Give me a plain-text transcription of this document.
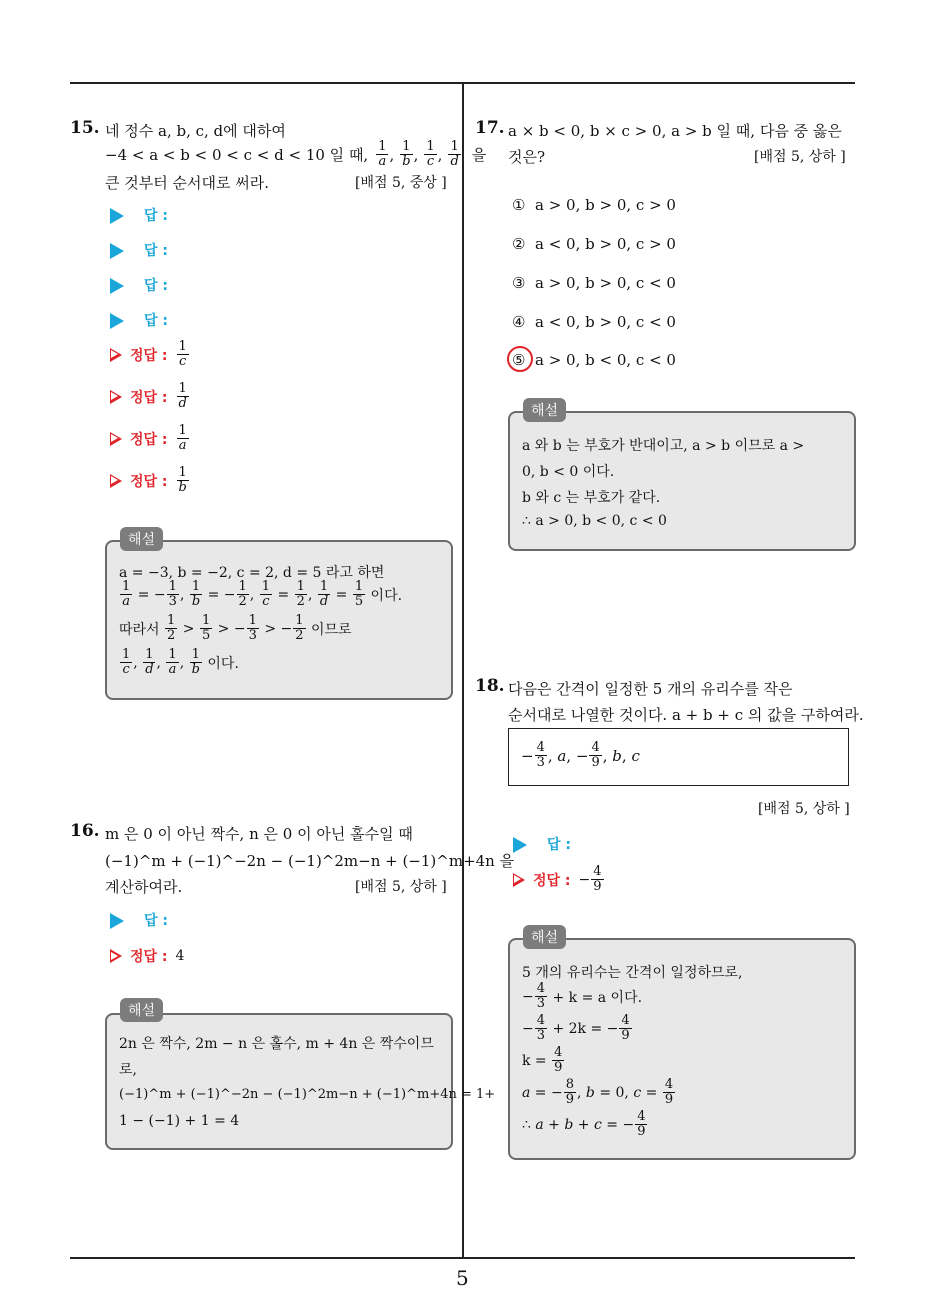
15. 네 정수 a, b, c, d에 대하여
−4 < a < b < 0 < c < d < 10 일 때, $\frac{1}{a}$ , $\frac{1}{b}$ , $\frac{1}{c}$ , $\frac{1}{d}$ 을
큰 것부터 순서대로 써라.	[배점 5, 중상 ]
답 :
답 :
답 :
답 :
정답 : $\frac{1}{c}$
정답 : $\frac{1}{d}$
정답 : $\frac{1}{a}$
정답 : $\frac{1}{b}$
a = −3, b = −2, c = 2, d = 5 라고 하면
$\frac{1}{a}$ = − $\frac{1}{3}$ , $\frac{1}{b}$ = − $\frac{1}{2}$ , $\frac{1}{c} = \frac{1}{2}$ , $\frac{1}{d} = \frac{1}{5}$
이다.
따라서
$\frac{1}{2} > \frac{1}{5}$ > − $\frac{1}{3}$ > − $\frac{1}{2}$
이므로
$\frac{1}{c}$ , $\frac{1}{d}$ , $\frac{1}{a}$ , $\frac{1}{b}$
이다.
해설
16. m 은 0 이 아닌 짝수, n 은 0 이 아닌 홀수일 때
(−1)^m + (−1)^−2n − (−1)^2m−n + (−1)^m+4n 을
계산하여라.	[배점 5, 상하 ]
답 :
정답 : 4
2n 은 짝수, 2m − n 은 홀수, m + 4n 은 짝수이므
로,
(−1)^m + (−1)^−2n − (−1)^2m−n + (−1)^m+4n = 1+
1 − (−1) + 1 = 4
해설
17. a × b < 0, b × c > 0, a > b 일 때, 다음 중 옳은
것은?	[배점 5, 상하 ]
① a > 0, b > 0, c > 0
② a < 0, b > 0, c > 0
③ a > 0, b > 0, c < 0
④ a < 0, b > 0, c < 0
⑤ a > 0, b < 0, c < 0
a 와 b 는 부호가 반대이고, a > b 이므로 a >
0, b < 0 이다.
b 와 c 는 부호가 같다.
∴ a > 0, b < 0, c < 0
해설
18. 다음은 간격이 일정한 5 개의 유리수를 작은
순서대로 나열한 것이다. a + b + c 의 값을 구하여라.
− $\frac{4}{3}$ , a , − $\frac{4}{9}$ , b , c
[배점 5, 상하 ]
답 :
정답 : − $\frac{4}{9}$
5 개의 유리수는 간격이 일정하므로,
− $\frac{4}{3}$
+ k = a 이다.
− $\frac{4}{3}$
+ 2k = − $\frac{4}{9}$
k =
$\frac{4}{9}$
a = − $\frac{8}{9}$ , b = 0, $c = \frac{4}{9}$
∴ a + b + c = − $\frac{4}{9}$
해설
5
